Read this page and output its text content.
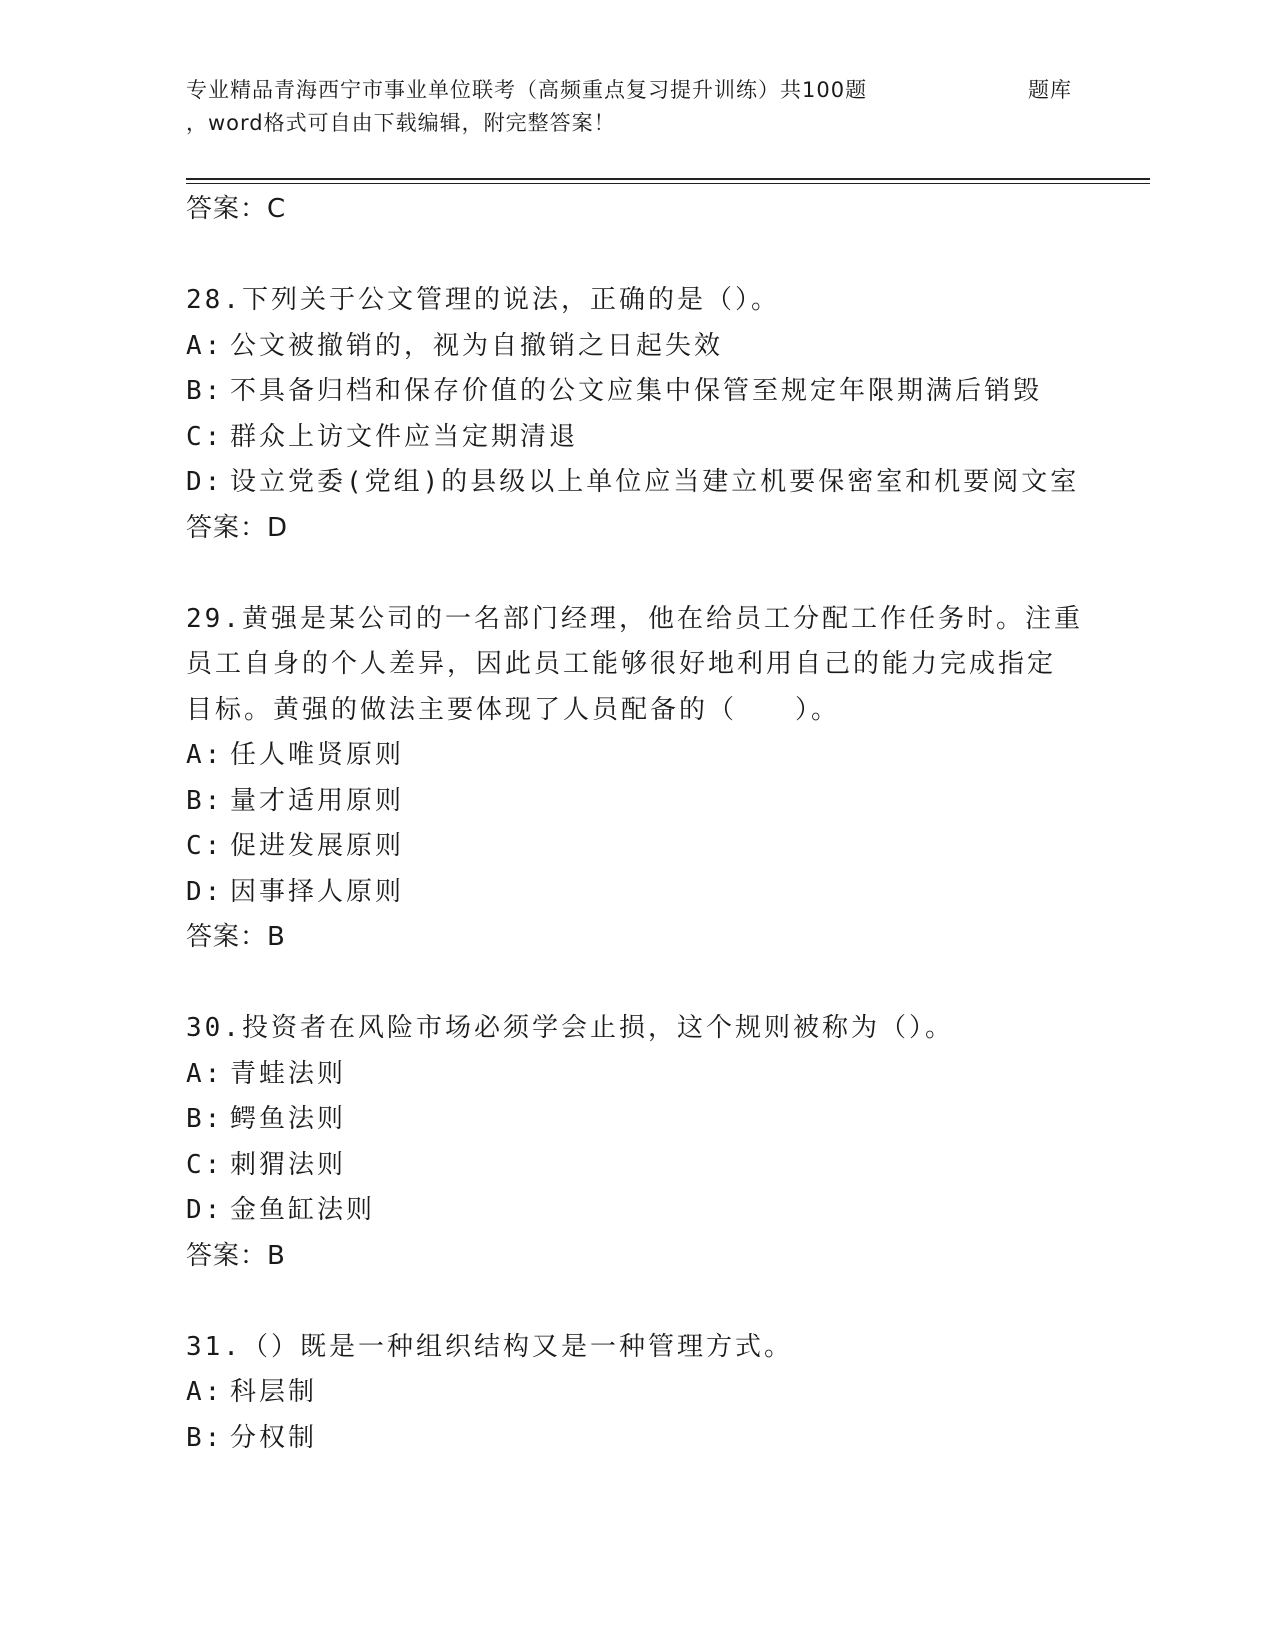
专业精品青海西宁市事业单位联考（高频重点复习提升训练）共100题
，word格式可自由下载编辑，附完整答案！
题库
答案：C
28.下列关于公文管理的说法，正确的是（）。
A: 公文被撤销的，视为自撤销之日起失效
B: 不具备归档和保存价值的公文应集中保管至规定年限期满后销毁
C: 群众上访文件应当定期清退
D: 设立党委(党组)的县级以上单位应当建立机要保密室和机要阅文室
答案：D
29.黄强是某公司的一名部门经理，他在给员工分配工作任务时。注重
员工自身的个人差异，因此员工能够很好地利用自己的能力完成指定
目标。黄强的做法主要体现了人员配备的（　　）。
A: 任人唯贤原则
B: 量才适用原则
C: 促进发展原则
D: 因事择人原则
答案：B
30.投资者在风险市场必须学会止损，这个规则被称为（）。
A: 青蛙法则
B: 鳄鱼法则
C: 刺猬法则
D: 金鱼缸法则
答案：B
31.（）既是一种组织结构又是一种管理方式。
A: 科层制
B: 分权制
